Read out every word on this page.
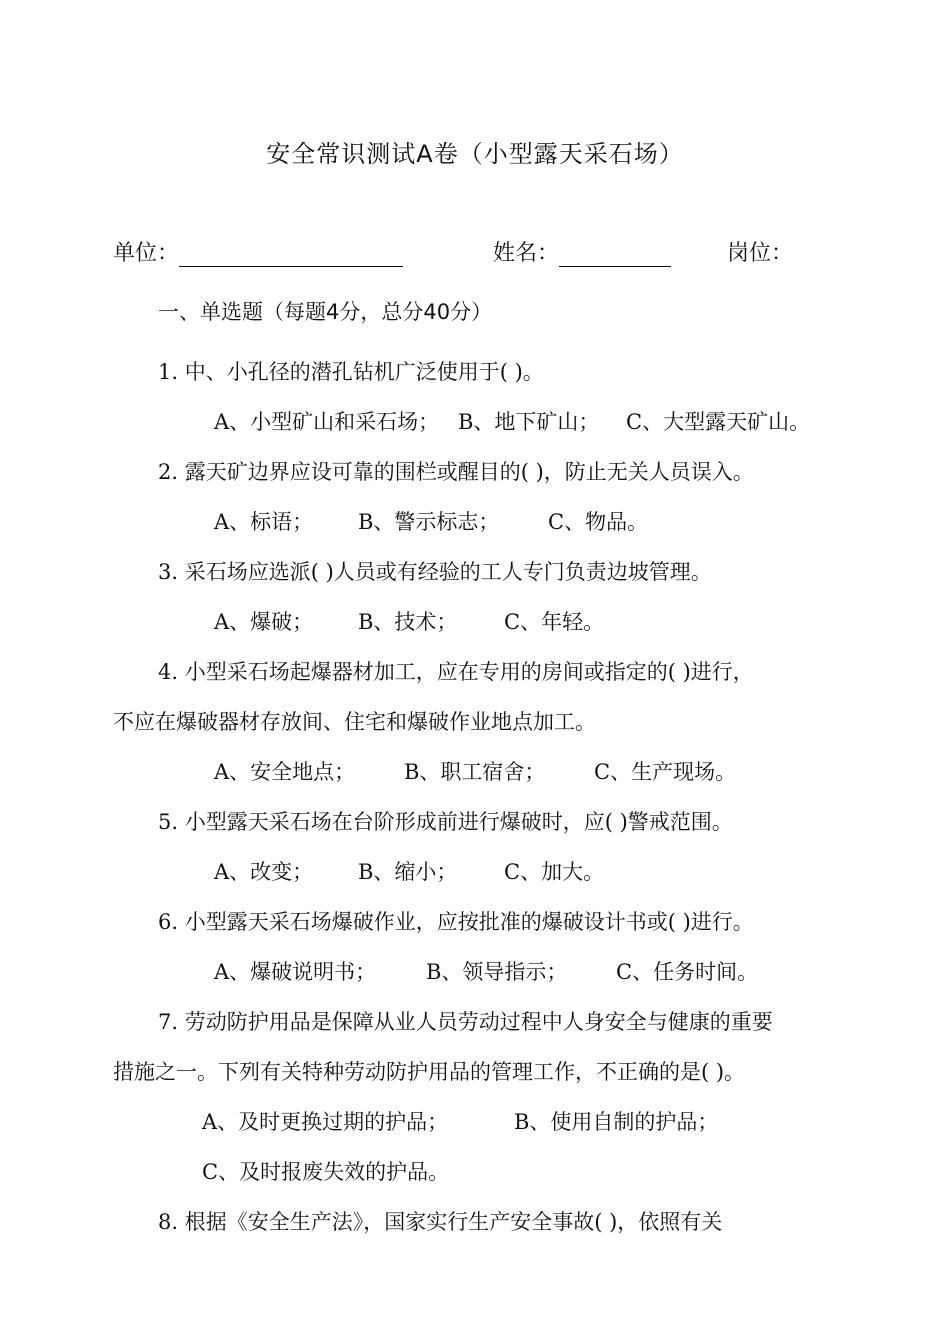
安全常识测试A卷（小型露天采石场）
单位：	姓名：	岗位：
一、单选题（每题4分，总分40分）
1. 中、小孔径的潜孔钻机广泛使用于( )。
A、小型矿山和采石场； B、地下矿山； C、大型露天矿山。
2. 露天矿边界应设可靠的围栏或醒目的( )，防止无关人员误入。
A、标语； B、警示标志； C、物品。
3. 采石场应选派( )人员或有经验的工人专门负责边坡管理。
A、爆破； B、技术； C、年轻。
4. 小型采石场起爆器材加工，应在专用的房间或指定的( )进行，
不应在爆破器材存放间、住宅和爆破作业地点加工。
A、安全地点； B、职工宿舍； C、生产现场。
5. 小型露天采石场在台阶形成前进行爆破时，应( )警戒范围。
A、改变； B、缩小； C、加大。
6. 小型露天采石场爆破作业，应按批准的爆破设计书或( )进行。
A、爆破说明书； B、领导指示； C、任务时间。
7. 劳动防护用品是保障从业人员劳动过程中人身安全与健康的重要
措施之一。下列有关特种劳动防护用品的管理工作，不正确的是( )。
A、及时更换过期的护品；	B、使用自制的护品；
C、及时报废失效的护品。
8. 根据《安全生产法》，国家实行生产安全事故( )，依照有关
